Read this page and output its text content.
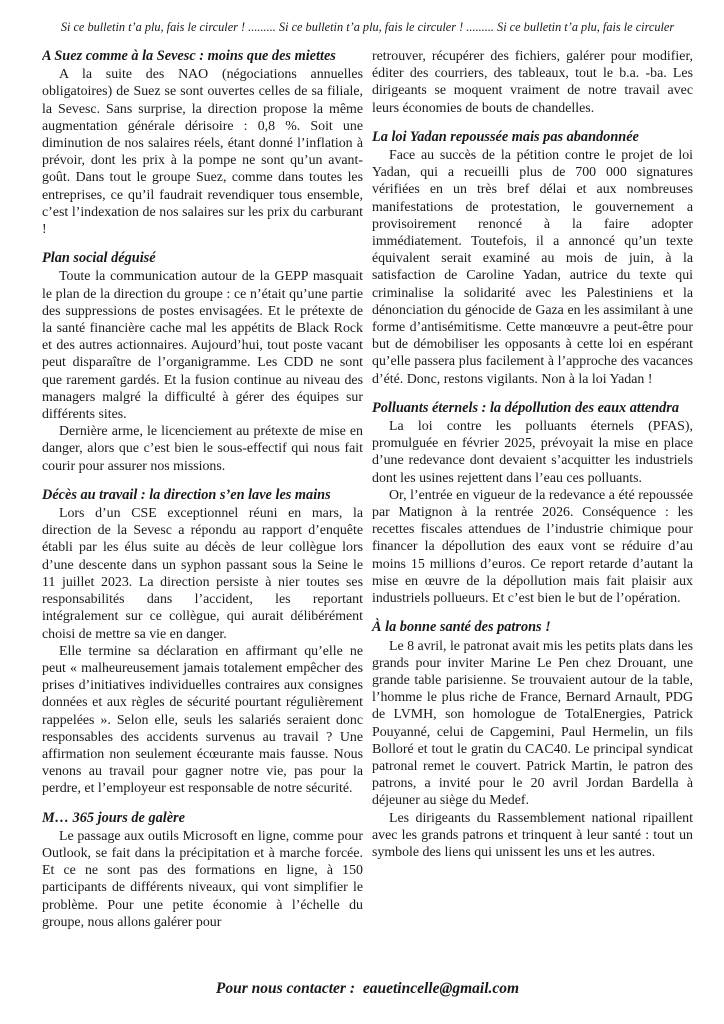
Si ce bulletin t’a plu, fais le circuler ! ......... Si ce bulletin t’a plu, fais le circuler ! ......... Si ce bulletin t’a plu, fais le circuler
A Suez comme à la Sevesc : moins que des miettes

A la suite des NAO (négociations annuelles obligatoires) de Suez se sont ouvertes celles de sa filiale, la Sevesc. Sans surprise, la direction propose la même augmentation générale dérisoire : 0,8 %. Soit une diminution de nos salaires réels, étant donné l’inflation à prévoir, dont les prix à la pompe ne sont qu’un avant-goût. Dans tout le groupe Suez, comme dans toutes les entreprises, ce qu’il faudrait revendiquer tous ensemble, c’est l’indexation de nos salaires sur les prix du carburant !

Plan social déguisé

Toute la communication autour de la GEPP masquait le plan de la direction du groupe : ce n’était qu’une partie des suppressions de postes envisagées. Et le prétexte de la santé financière cache mal les appétits de Black Rock et des autres actionnaires. Aujourd’hui, tout poste vacant peut disparaître de l’organigramme. Les CDD ne sont que rarement gardés. Et la fusion continue au niveau des managers malgré la difficulté à gérer des équipes sur différents sites.

Dernière arme, le licenciement au prétexte de mise en danger, alors que c’est bien le sous-effectif qui nous fait courir pour assurer nos missions.

Décès au travail : la direction s’en lave les mains

Lors d’un CSE exceptionnel réuni en mars, la direction de la Sevesc a répondu au rapport d’enquête établi par les élus suite au décès de leur collègue lors d’une descente dans un syphon passant sous la Seine le 11 juillet 2023. La direction persiste à nier toutes ses responsabilités dans l’accident, les reportant intégralement sur ce collègue, qui aurait délibérément choisi de mettre sa vie en danger.

Elle termine sa déclaration en affirmant qu’elle ne peut « malheureusement jamais totalement empêcher des prises d’initiatives individuelles contraires aux consignes données et aux règles de sécurité pourtant régulièrement rappelées ». Selon elle, seuls les salariés seraient donc responsables des accidents survenus au travail ? Une affirmation non seulement écœurante mais fausse. Nous venons au travail pour gagner notre vie, pas pour la perdre, et l’employeur est responsable de notre sécurité.

M… 365 jours de galère

Le passage aux outils Microsoft en ligne, comme pour Outlook, se fait dans la précipitation et à marche forcée. Et ce ne sont pas des formations en ligne, à 150 participants de différents niveaux, qui vont simplifier le problème. Pour une petite économie à l’échelle du groupe, nous allons galérer pour

retrouver, récupérer des fichiers, galérer pour modifier, éditer des courriers, des tableaux, tout le b.a. -ba. Les dirigeants se moquent vraiment de notre travail avec leurs économies de bouts de chandelles.

La loi Yadan repoussée mais pas abandonnée

Face au succès de la pétition contre le projet de loi Yadan, qui a recueilli plus de 700 000 signatures vérifiées en un très bref délai et aux nombreuses manifestations de protestation, le gouvernement a provisoirement renoncé à la faire adopter immédiatement. Toutefois, il a annoncé qu’un texte équivalent serait examiné au mois de juin, à la satisfaction de Caroline Yadan, autrice du texte qui criminalise la solidarité avec les Palestiniens et la dénonciation du génocide de Gaza en les assimilant à une forme d’antisémitisme. Cette manœuvre a peut-être pour but de démobiliser les opposants à cette loi en espérant qu’elle passera plus facilement à l’approche des vacances d’été. Donc, restons vigilants. Non à la loi Yadan !

Polluants éternels : la dépollution des eaux attendra

La loi contre les polluants éternels (PFAS), promulguée en février 2025, prévoyait la mise en place d’une redevance dont devaient s’acquitter les industriels dont les usines rejettent dans l’eau ces polluants.

Or, l’entrée en vigueur de la redevance a été repoussée par Matignon à la rentrée 2026. Conséquence : les recettes fiscales attendues de l’industrie chimique pour financer la dépollution des eaux vont se réduire d’au moins 15 millions d’euros. Ce report retarde d’autant la mise en œuvre de la dépollution mais fait plaisir aux industriels pollueurs. Et c’est bien le but de l’opération.

À la bonne santé des patrons !

Le 8 avril, le patronat avait mis les petits plats dans les grands pour inviter Marine Le Pen chez Drouant, une grande table parisienne. Se trouvaient autour de la table, l’homme le plus riche de France, Bernard Arnault, PDG de LVMH, son homologue de TotalEnergies, Patrick Pouyanné, celui de Capgemini, Paul Hermelin, un fils Bolloré et tout le gratin du CAC40. Le principal syndicat patronal remet le couvert. Patrick Martin, le patron des patrons, a invité pour le 20 avril Jordan Bardella à déjeuner au siège du Medef.

Les dirigeants du Rassemblement national ripaillent avec les grands patrons et trinquent à leur santé : tout un symbole des liens qui unissent les uns et les autres.

Pour nous contacter : eauetincelle@gmail.com
